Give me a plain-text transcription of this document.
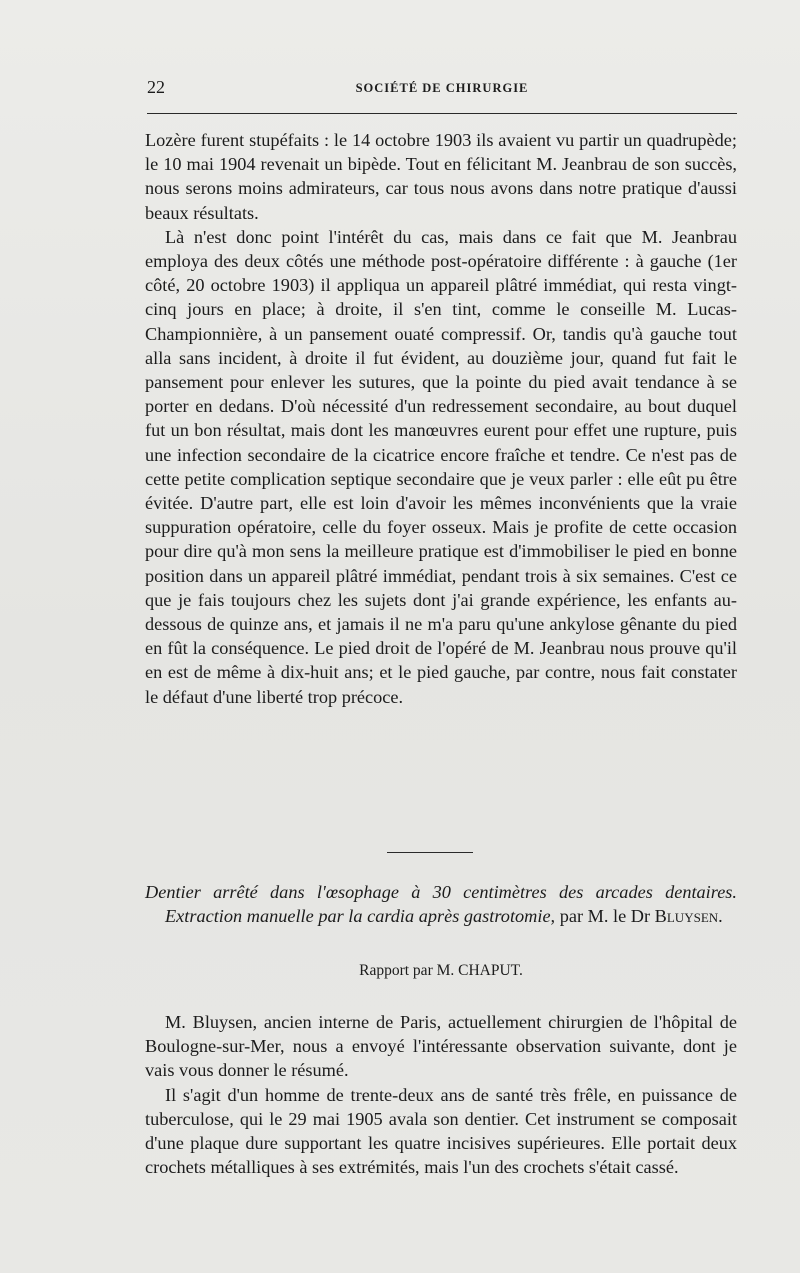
22	SOCIÉTÉ DE CHIRURGIE

Lozère furent stupéfaits : le 14 octobre 1903 ils avaient vu partir un quadrupède; le 10 mai 1904 revenait un bipède. Tout en félicitant M. Jeanbrau de son succès, nous serons moins admirateurs, car tous nous avons dans notre pratique d'aussi beaux résultats.

Là n'est donc point l'intérêt du cas, mais dans ce fait que M. Jeanbrau employa des deux côtés une méthode post-opératoire différente : à gauche (1er côté, 20 octobre 1903) il appliqua un appareil plâtré immédiat, qui resta vingt-cinq jours en place; à droite, il s'en tint, comme le conseille M. Lucas-Championnière, à un pansement ouaté compressif. Or, tandis qu'à gauche tout alla sans incident, à droite il fut évident, au douzième jour, quand fut fait le pansement pour enlever les sutures, que la pointe du pied avait tendance à se porter en dedans. D'où nécessité d'un redressement secondaire, au bout duquel fut un bon résultat, mais dont les manœuvres eurent pour effet une rupture, puis une infection secondaire de la cicatrice encore fraîche et tendre. Ce n'est pas de cette petite complication septique secondaire que je veux parler : elle eût pu être évitée. D'autre part, elle est loin d'avoir les mêmes inconvénients que la vraie suppuration opératoire, celle du foyer osseux. Mais je profite de cette occasion pour dire qu'à mon sens la meilleure pratique est d'immobiliser le pied en bonne position dans un appareil plâtré immédiat, pendant trois à six semaines. C'est ce que je fais toujours chez les sujets dont j'ai grande expérience, les enfants au-dessous de quinze ans, et jamais il ne m'a paru qu'une ankylose gênante du pied en fût la conséquence. Le pied droit de l'opéré de M. Jeanbrau nous prouve qu'il en est de même à dix-huit ans; et le pied gauche, par contre, nous fait constater le défaut d'une liberté trop précoce.

Dentier arrêté dans l'œsophage à 30 centimètres des arcades dentaires. Extraction manuelle par la cardia après gastrotomie, par M. le Dr Bluysen.
Rapport par M. CHAPUT.

M. Bluysen, ancien interne de Paris, actuellement chirurgien de l'hôpital de Boulogne-sur-Mer, nous a envoyé l'intéressante observation suivante, dont je vais vous donner le résumé.

Il s'agit d'un homme de trente-deux ans de santé très frêle, en puissance de tuberculose, qui le 29 mai 1905 avala son dentier. Cet instrument se composait d'une plaque dure supportant les quatre incisives supérieures. Elle portait deux crochets métalliques à ses extrémités, mais l'un des crochets s'était cassé.
